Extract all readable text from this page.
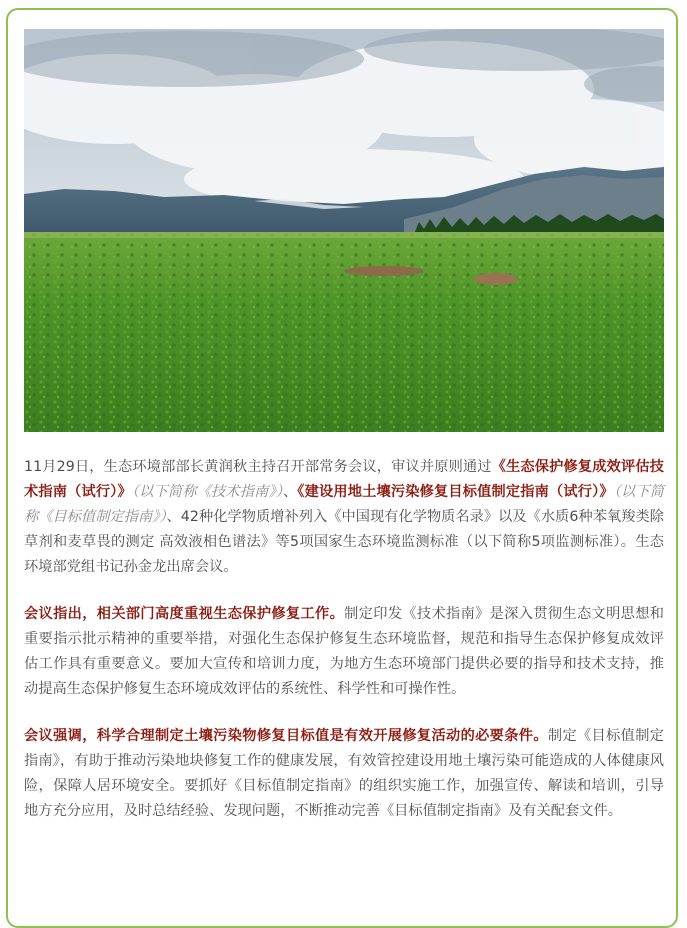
11月29日，生态环境部部长黄润秋主持召开部常务会议，审议并原则通过《生态保护修复成效评估技术指南（试行）》（以下简称《技术指南》）、《建设用地土壤污染修复目标值制定指南（试行）》（以下简称《目标值制定指南》）、42种化学物质增补列入《中国现有化学物质名录》以及《水质6种苯氧羧类除草剂和麦草畏的测定 高效液相色谱法》等5项国家生态环境监测标准（以下简称5项监测标准）。生态环境部党组书记孙金龙出席会议。

会议指出，相关部门高度重视生态保护修复工作。制定印发《技术指南》是深入贯彻生态文明思想和重要指示批示精神的重要举措，对强化生态保护修复生态环境监督，规范和指导生态保护修复成效评估工作具有重要意义。要加大宣传和培训力度，为地方生态环境部门提供必要的指导和技术支持，推动提高生态保护修复生态环境成效评估的系统性、科学性和可操作性。

会议强调，科学合理制定土壤污染物修复目标值是有效开展修复活动的必要条件。制定《目标值制定指南》，有助于推动污染地块修复工作的健康发展，有效管控建设用地土壤污染可能造成的人体健康风险，保障人居环境安全。要抓好《目标值制定指南》的组织实施工作，加强宣传、解读和培训，引导地方充分应用，及时总结经验、发现问题，不断推动完善《目标值制定指南》及有关配套文件。
